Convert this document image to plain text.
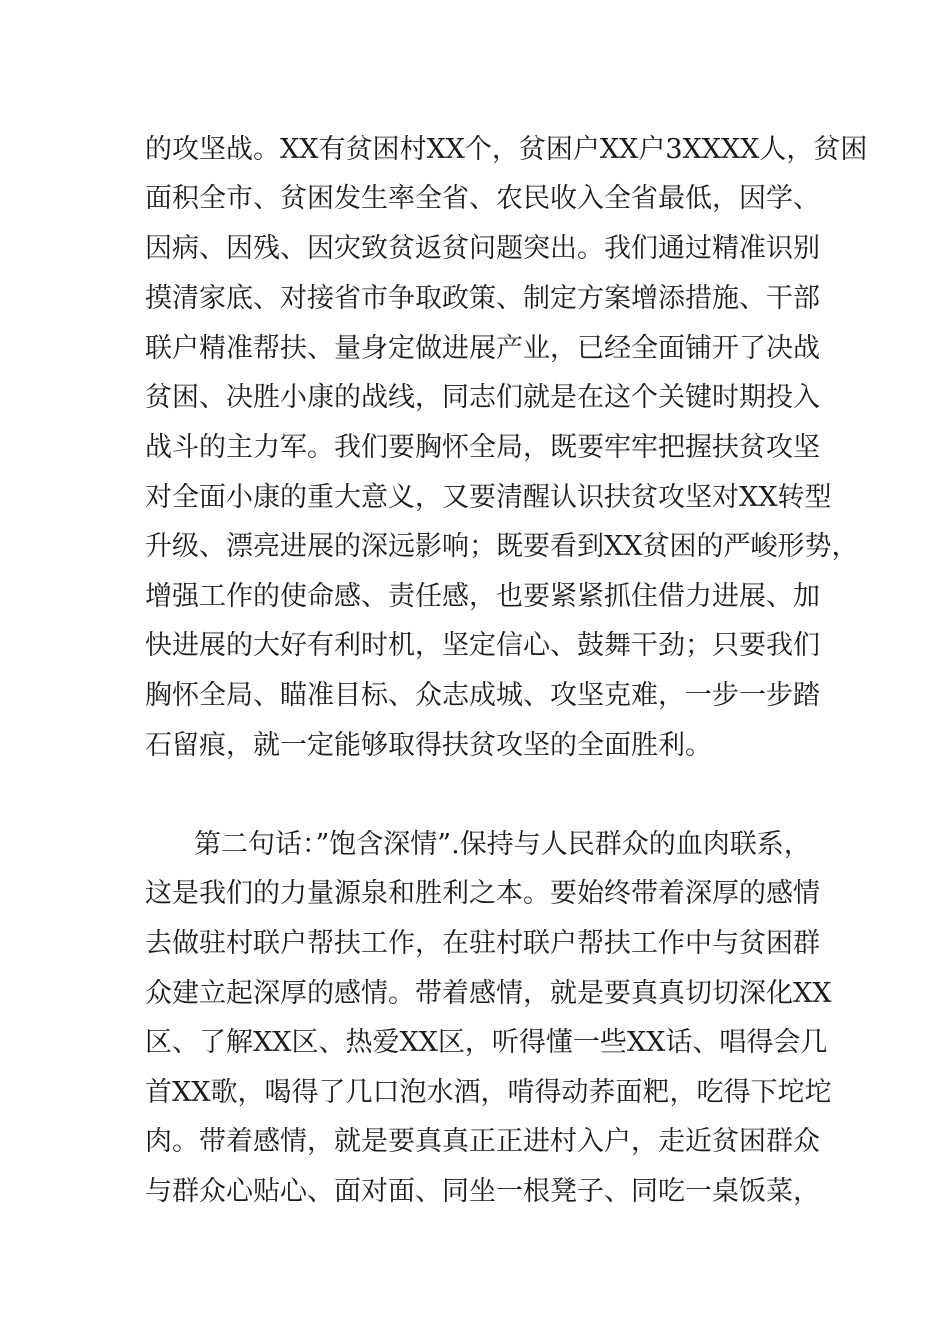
的攻坚战。XX有贫困村XX个，贫困户XX户3XXXX人，贫困
面积全市、贫困发生率全省、农民收入全省最低，因学、
因病、因残、因灾致贫返贫问题突出。我们通过精准识别
摸清家底、对接省市争取政策、制定方案增添措施、干部
联户精准帮扶、量身定做进展产业，已经全面铺开了决战
贫困、决胜小康的战线，同志们就是在这个关键时期投入
战斗的主力军。我们要胸怀全局，既要牢牢把握扶贫攻坚
对全面小康的重大意义，又要清醒认识扶贫攻坚对XX转型
升级、漂亮进展的深远影响；既要看到XX贫困的严峻形势，
增强工作的使命感、责任感，也要紧紧抓住借力进展、加
快进展的大好有利时机，坚定信心、鼓舞干劲；只要我们
胸怀全局、瞄准目标、众志成城、攻坚克难，一步一步踏
石留痕，就一定能够取得扶贫攻坚的全面胜利。
第二句话：”饱含深情”.保持与人民群众的血肉联系，
这是我们的力量源泉和胜利之本。要始终带着深厚的感情
去做驻村联户帮扶工作，在驻村联户帮扶工作中与贫困群
众建立起深厚的感情。带着感情，就是要真真切切深化XX
区、了解XX区、热爱XX区，听得懂一些XX话、唱得会几
首XX歌，喝得了几口泡水酒，啃得动荞面粑，吃得下坨坨
肉。带着感情，就是要真真正正进村入户，走近贫困群众
与群众心贴心、面对面、同坐一根凳子、同吃一桌饭菜，
